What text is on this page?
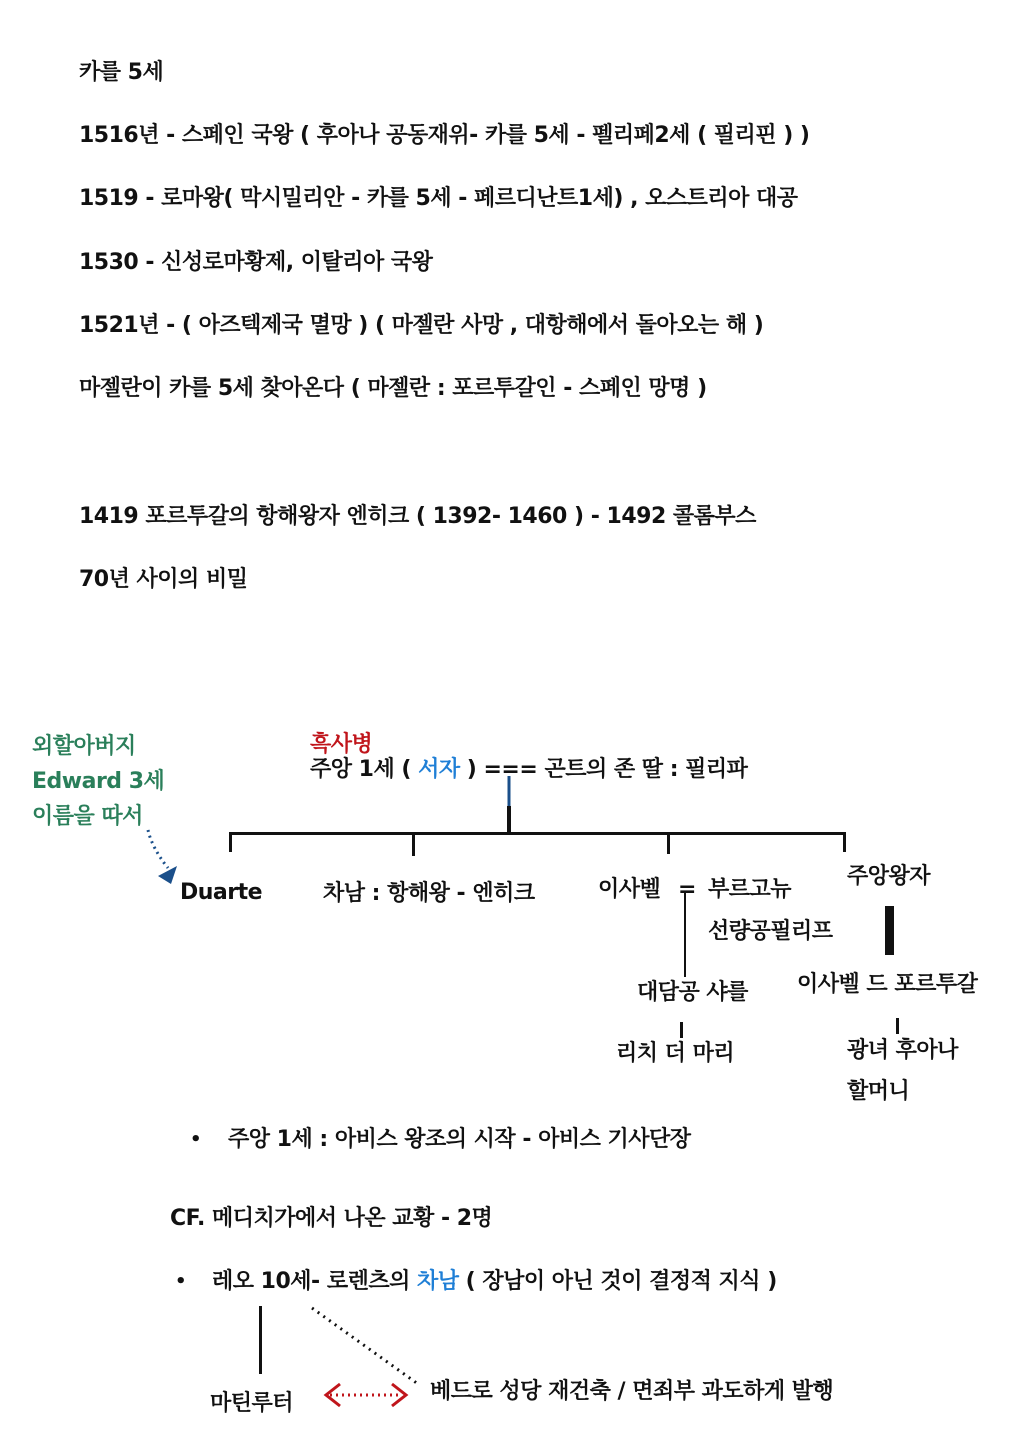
카를 5세
1516년 - 스페인 국왕 ( 후아나 공동재위- 카를 5세 - 펠리페2세 ( 필리핀 ) )
1519 - 로마왕( 막시밀리안 - 카를 5세 - 페르디난트1세) , 오스트리아 대공
1530 - 신성로마황제, 이탈리아 국왕
1521년 - ( 아즈텍제국 멸망 ) ( 마젤란 사망 , 대항해에서 돌아오는 해 )
마젤란이 카를 5세 찾아온다 ( 마젤란 : 포르투갈인 - 스페인 망명 )
1419 포르투갈의 항해왕자 엔히크 ( 1392- 1460 ) - 1492 콜롬부스
70년 사이의 비밀
외할아버지
Edward 3세
이름을 따서
흑사병
주앙 1세 ( 서자 ) === 곤트의 존 딸 : 필리파
Duarte	차남 : 항해왕 - 엔히크	이사벨 = 부르고뉴
선량공필리프
대담공 샤를
리치 더 마리
주앙왕자
이사벨 드 포르투갈
광녀 후아나
할머니
• 주앙 1세 : 아비스 왕조의 시작 - 아비스 기사단장
CF. 메디치가에서 나온 교황 - 2명
• 레오 10세- 로렌츠의 차남 ( 장남이 아닌 것이 결정적 지식 )
마틴루터	베드로 성당 재건축 / 면죄부 과도하게 발행
